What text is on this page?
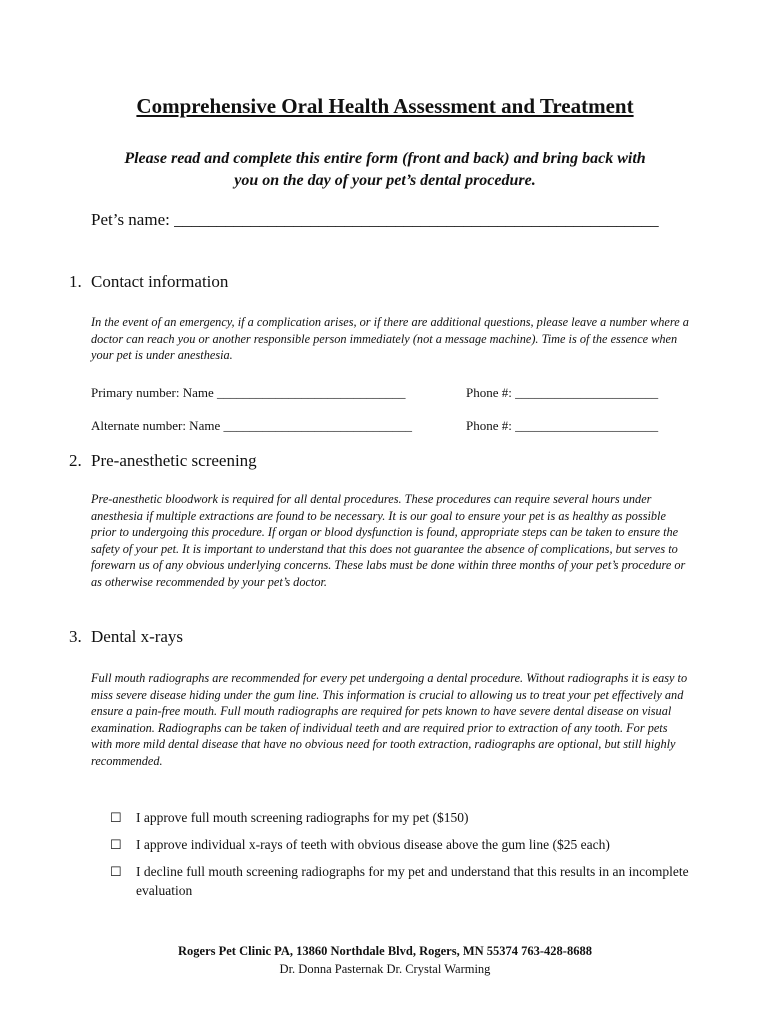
Comprehensive Oral Health Assessment and Treatment
Please read and complete this entire form (front and back) and bring back with
you on the day of your pet’s dental procedure.
Pet’s name: _________________________________________________________
1. Contact information
In the event of an emergency, if a complication arises, or if there are additional questions, please leave a number where a doctor can reach you or another responsible person immediately (not a message machine). Time is of the essence when your pet is under anesthesia.
Primary number: Name _____________________________	Phone #: ______________________
Alternate number: Name _____________________________	Phone #: ______________________
2. Pre-anesthetic screening
Pre-anesthetic bloodwork is required for all dental procedures. These procedures can require several hours under anesthesia if multiple extractions are found to be necessary. It is our goal to ensure your pet is as healthy as possible prior to undergoing this procedure. If organ or blood dysfunction is found, appropriate steps can be taken to ensure the safety of your pet. It is important to understand that this does not guarantee the absence of complications, but serves to forewarn us of any obvious underlying concerns. These labs must be done within three months of your pet’s procedure or as otherwise recommended by your pet’s doctor.
3. Dental x-rays
Full mouth radiographs are recommended for every pet undergoing a dental procedure. Without radiographs it is easy to miss severe disease hiding under the gum line. This information is crucial to allowing us to treat your pet effectively and ensure a pain-free mouth. Full mouth radiographs are required for pets known to have severe dental disease on visual examination. Radiographs can be taken of individual teeth and are required prior to extraction of any tooth. For pets with more mild dental disease that have no obvious need for tooth extraction, radiographs are optional, but still highly recommended.
☐ I approve full mouth screening radiographs for my pet ($150)
☐ I approve individual x-rays of teeth with obvious disease above the gum line ($25 each)
☐ I decline full mouth screening radiographs for my pet and understand that this results in an incomplete evaluation
Rogers Pet Clinic PA, 13860 Northdale Blvd, Rogers, MN 55374 763-428-8688
Dr. Donna Pasternak Dr. Crystal Warming
